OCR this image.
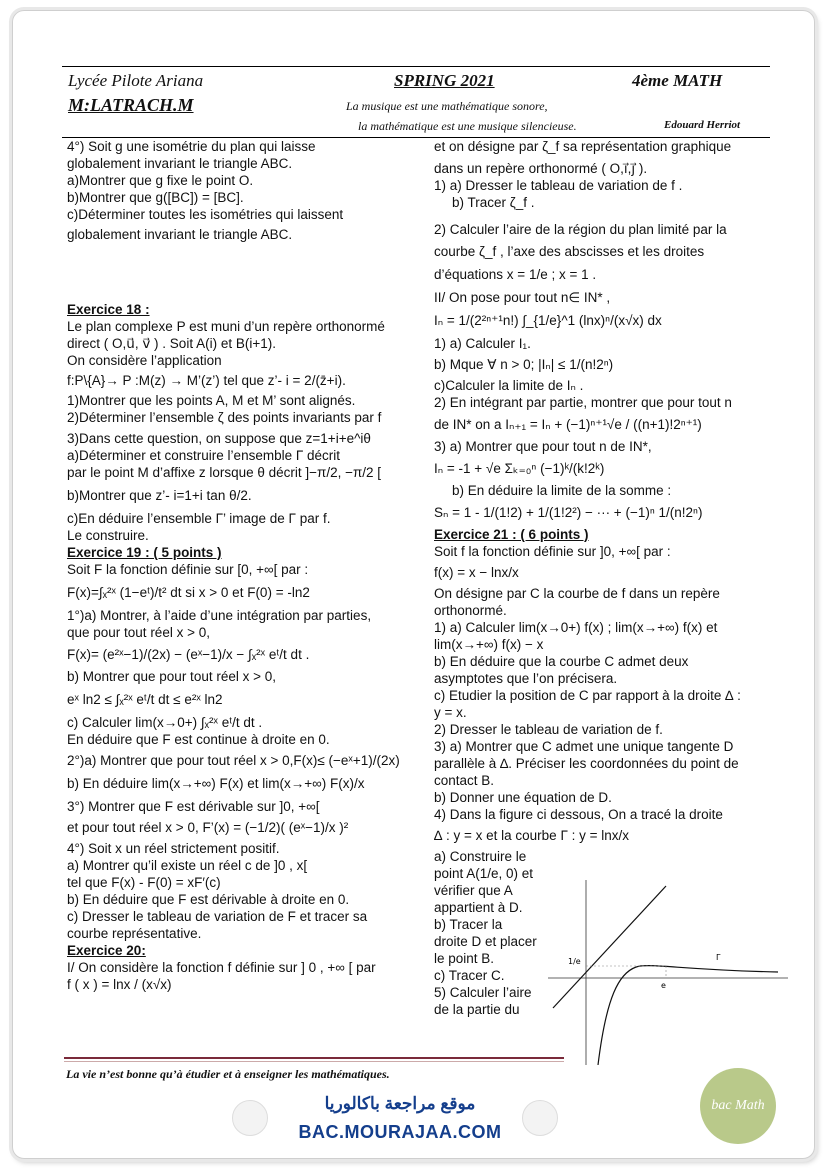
Lycée Pilote Ariana
M:LATRACH.M
SPRING 2021	4ème MATH
La musique est une mathématique sonore,
la mathématique est une musique silencieuse.	Edouard Herriot

4°) Soit g une isométrie du plan qui laisse

globalement invariant le triangle ABC.

a)Montrer que g fixe le point O.

b)Montrer que g([BC]) = [BC].

c)Déterminer toutes les isométries qui laissent

globalement invariant le triangle ABC.

Exercice 18 :

Le plan complexe P est muni d’un repère orthonormé

direct ( O,u⃗, v⃗ ) . Soit A(i) et B(i+1).

On considère l’application

f:P\{A}→ P :M(z) → M’(z’) tel que z’- i = 2/(z̄+i).

1)Montrer que les points A, M et M’ sont alignés.

2)Déterminer l’ensemble ζ des points invariants par f

3)Dans cette question, on suppose que z=1+i+e^iθ

a)Déterminer et construire l’ensemble Γ décrit

par le point M d’affixe z lorsque θ décrit ]−π/2, −π/2 [

b)Montrer que z’- i=1+i tan θ/2.

c)En déduire l’ensemble Γ’ image de Γ par f.

Le construire.

Exercice 19 : ( 5 points )

Soit F la fonction définie sur [0, +∞[ par :

F(x)=∫ₓ²ˣ (1−eᵗ)/t² dt si x > 0 et F(0) = -ln2

1°)a) Montrer, à l’aide d’une intégration par parties,

que pour tout réel x > 0,

F(x)= (e²ˣ−1)/(2x) − (eˣ−1)/x − ∫ₓ²ˣ eᵗ/t dt .

b) Montrer que pour tout réel x > 0,

eˣ ln2 ≤ ∫ₓ²ˣ eᵗ/t dt ≤ e²ˣ ln2

c) Calculer lim(x→0+) ∫ₓ²ˣ eᵗ/t dt .

En déduire que F est continue à droite en 0.

2°)a) Montrer que pour tout réel x > 0,F(x)≤ (−eˣ+1)/(2x)

b) En déduire lim(x→+∞) F(x) et lim(x→+∞) F(x)/x

3°) Montrer que F est dérivable sur ]0, +∞[

et pour tout réel x > 0, F’(x) = (−1/2)( (eˣ−1)/x )²

4°) Soit x un réel strictement positif.

a) Montrer qu’il existe un réel c de ]0 , x[

tel que F(x) - F(0) = xF′(c)

b) En déduire que F est dérivable à droite en 0.

c) Dresser le tableau de variation de F et tracer sa

courbe représentative.

Exercice 20:

I/ On considère la fonction f définie sur ] 0 , +∞ [ par

f ( x ) = lnx / (x√x)

et on désigne par ζ_f sa représentation graphique

dans un repère orthonormé ( O,i⃗,j⃗ ).

1) a) Dresser le tableau de variation de f .

b) Tracer ζ_f .

2) Calculer l’aire de la région du plan limité par la

courbe ζ_f , l’axe des abscisses et les droites

d’équations x = 1/e ; x = 1 .

II/ On pose pour tout n∈ IN* ,

Iₙ = 1/(2²ⁿ⁺¹n!) ∫_{1/e}^1 (lnx)ⁿ/(x√x) dx

1) a) Calculer I₁.

b) Mque ∀ n > 0; |Iₙ| ≤ 1/(n!2ⁿ)

c)Calculer la limite de Iₙ .

2) En intégrant par partie, montrer que pour tout n

de IN* on a Iₙ₊₁ = Iₙ + (−1)ⁿ⁺¹√e / ((n+1)!2ⁿ⁺¹)

3) a) Montrer que pour tout n de IN*,

Iₙ = -1 + √e Σₖ₌₀ⁿ (−1)ᵏ/(k!2ᵏ)

b) En déduire la limite de la somme :

Sₙ = 1 - 1/(1!2) + 1/(1!2²) − ··· + (−1)ⁿ 1/(n!2ⁿ)

Exercice 21 : ( 6 points )

Soit f la fonction définie sur ]0, +∞[ par :

f(x) = x − lnx/x

On désigne par C la courbe de f dans un repère

orthonormé.

1) a) Calculer lim(x→0+) f(x) ; lim(x→+∞) f(x) et

lim(x→+∞) f(x) − x

b) En déduire que la courbe C admet deux

asymptotes que l’on précisera.

c) Etudier la position de C par rapport à la droite ∆ :

y = x.

2) Dresser le tableau de variation de f.

3) a) Montrer que C admet une unique tangente D

parallèle à ∆. Préciser les coordonnées du point de

contact B.

b) Donner une équation de D.

4) Dans la figure ci dessous, On a tracé la droite

∆ : y = x et la courbe Γ : y = lnx/x

a) Construire le

point A(1/e, 0) et

vérifier que A

appartient à D.

b) Tracer la

droite D et placer

le point B.

c) Tracer C.

5) Calculer l’aire

de la partie du

1/e
e
Γ
La vie n’est bonne qu’à étudier et à enseigner les mathématiques.
موقع مراجعة باكالوريا
BAC.MOURAJAA.COM
bac Math
